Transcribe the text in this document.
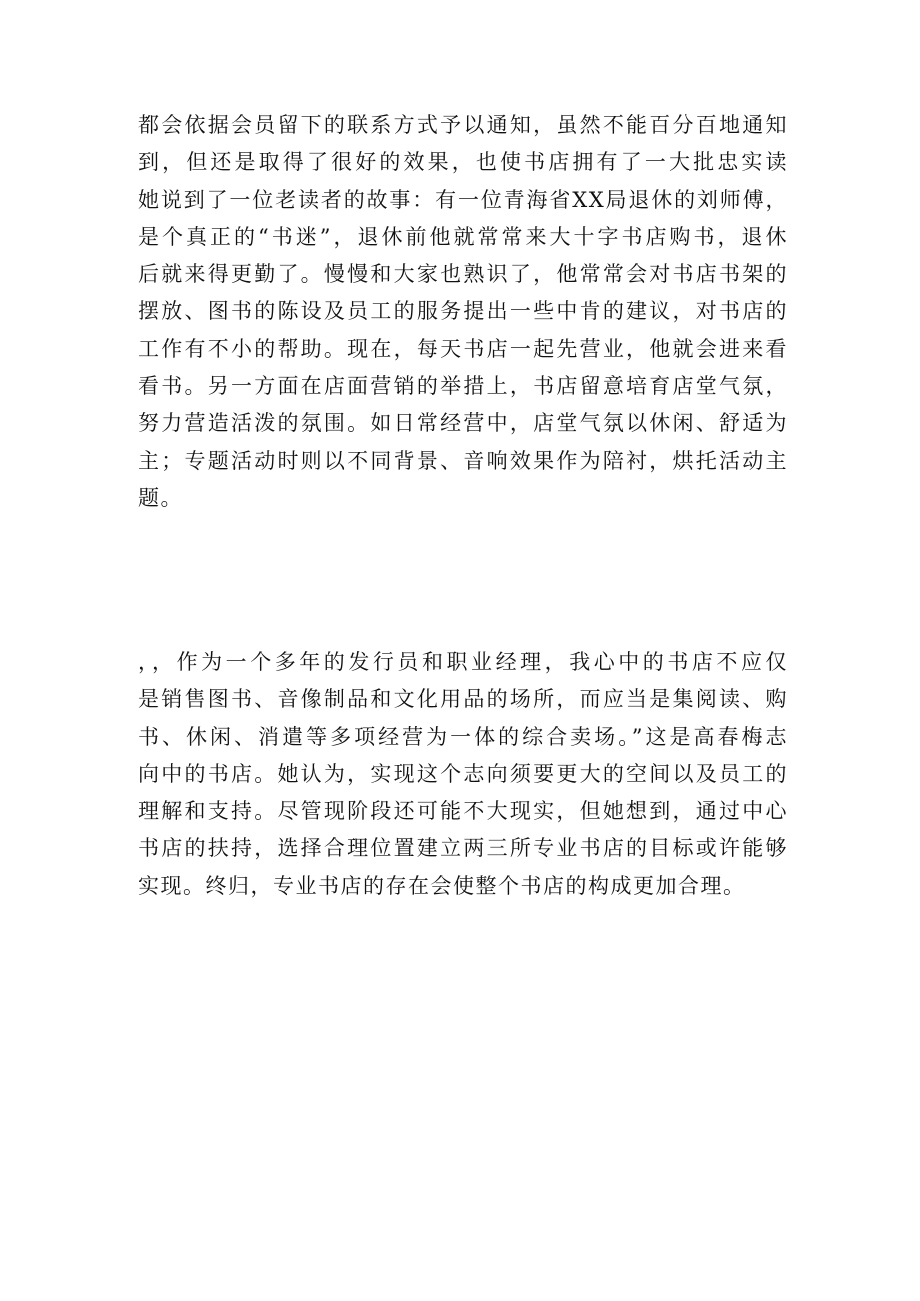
都会依据会员留下的联系方式予以通知，虽然不能百分百地通知
到，但还是取得了很好的效果，也使书店拥有了一大批忠实读
她说到了一位老读者的故事：有一位青海省XX局退休的刘师傅，
是个真正的“书迷”，退休前他就常常来大十字书店购书，退休
后就来得更勤了。慢慢和大家也熟识了，他常常会对书店书架的
摆放、图书的陈设及员工的服务提出一些中肯的建议，对书店的
工作有不小的帮助。现在，每天书店一起先营业，他就会进来看
看书。另一方面在店面营销的举措上，书店留意培育店堂气氛，
努力营造活泼的氛围。如日常经营中，店堂气氛以休闲、舒适为
主；专题活动时则以不同背景、音响效果作为陪衬，烘托活动主
题。
，，作为一个多年的发行员和职业经理，我心中的书店不应仅
是销售图书、音像制品和文化用品的场所，而应当是集阅读、购
书、休闲、消遣等多项经营为一体的综合卖场。”这是高春梅志
向中的书店。她认为，实现这个志向须要更大的空间以及员工的
理解和支持。尽管现阶段还可能不大现实，但她想到，通过中心
书店的扶持，选择合理位置建立两三所专业书店的目标或许能够
实现。终归，专业书店的存在会使整个书店的构成更加合理。
